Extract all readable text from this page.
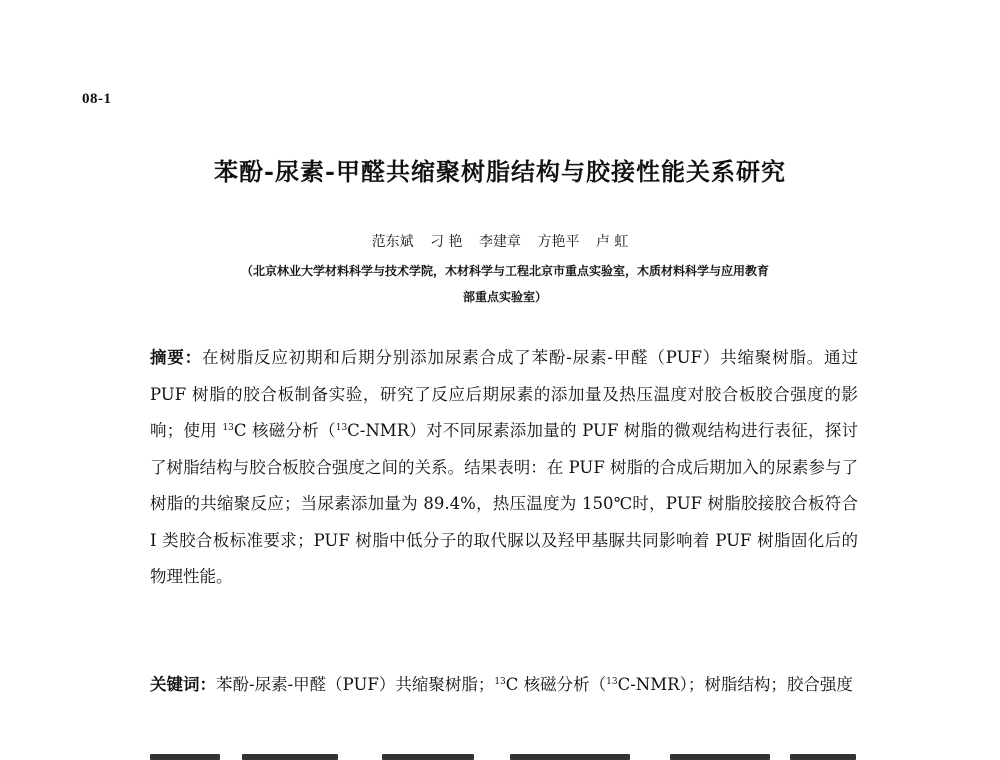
08-1
苯酚-尿素-甲醛共缩聚树脂结构与胶接性能关系研究
范东斌 刁 艳 李建章 方艳平 卢 虹
（北京林业大学材料科学与技术学院，木材科学与工程北京市重点实验室，木质材料科学与应用教育
部重点实验室）
摘要：在树脂反应初期和后期分别添加尿素合成了苯酚-尿素-甲醛（PUF）共缩聚树脂。通过 PUF 树脂的胶合板制备实验，研究了反应后期尿素的添加量及热压温度对胶合板胶合强度的影响；使用 $^{13}$C 核磁分析（$^{13}$C-NMR）对不同尿素添加量的 PUF 树脂的微观结构进行表征，探讨了树脂结构与胶合板胶合强度之间的关系。结果表明：在 PUF 树脂的合成后期加入的尿素参与了树脂的共缩聚反应；当尿素添加量为 89.4%，热压温度为 150℃时，PUF 树脂胶接胶合板符合 I 类胶合板标准要求；PUF 树脂中低分子的取代脲以及羟甲基脲共同影响着 PUF 树脂固化后的物理性能。
关键词：苯酚-尿素-甲醛（PUF）共缩聚树脂；$^{13}$C 核磁分析（$^{13}$C-NMR）；树脂结构；胶合强度
